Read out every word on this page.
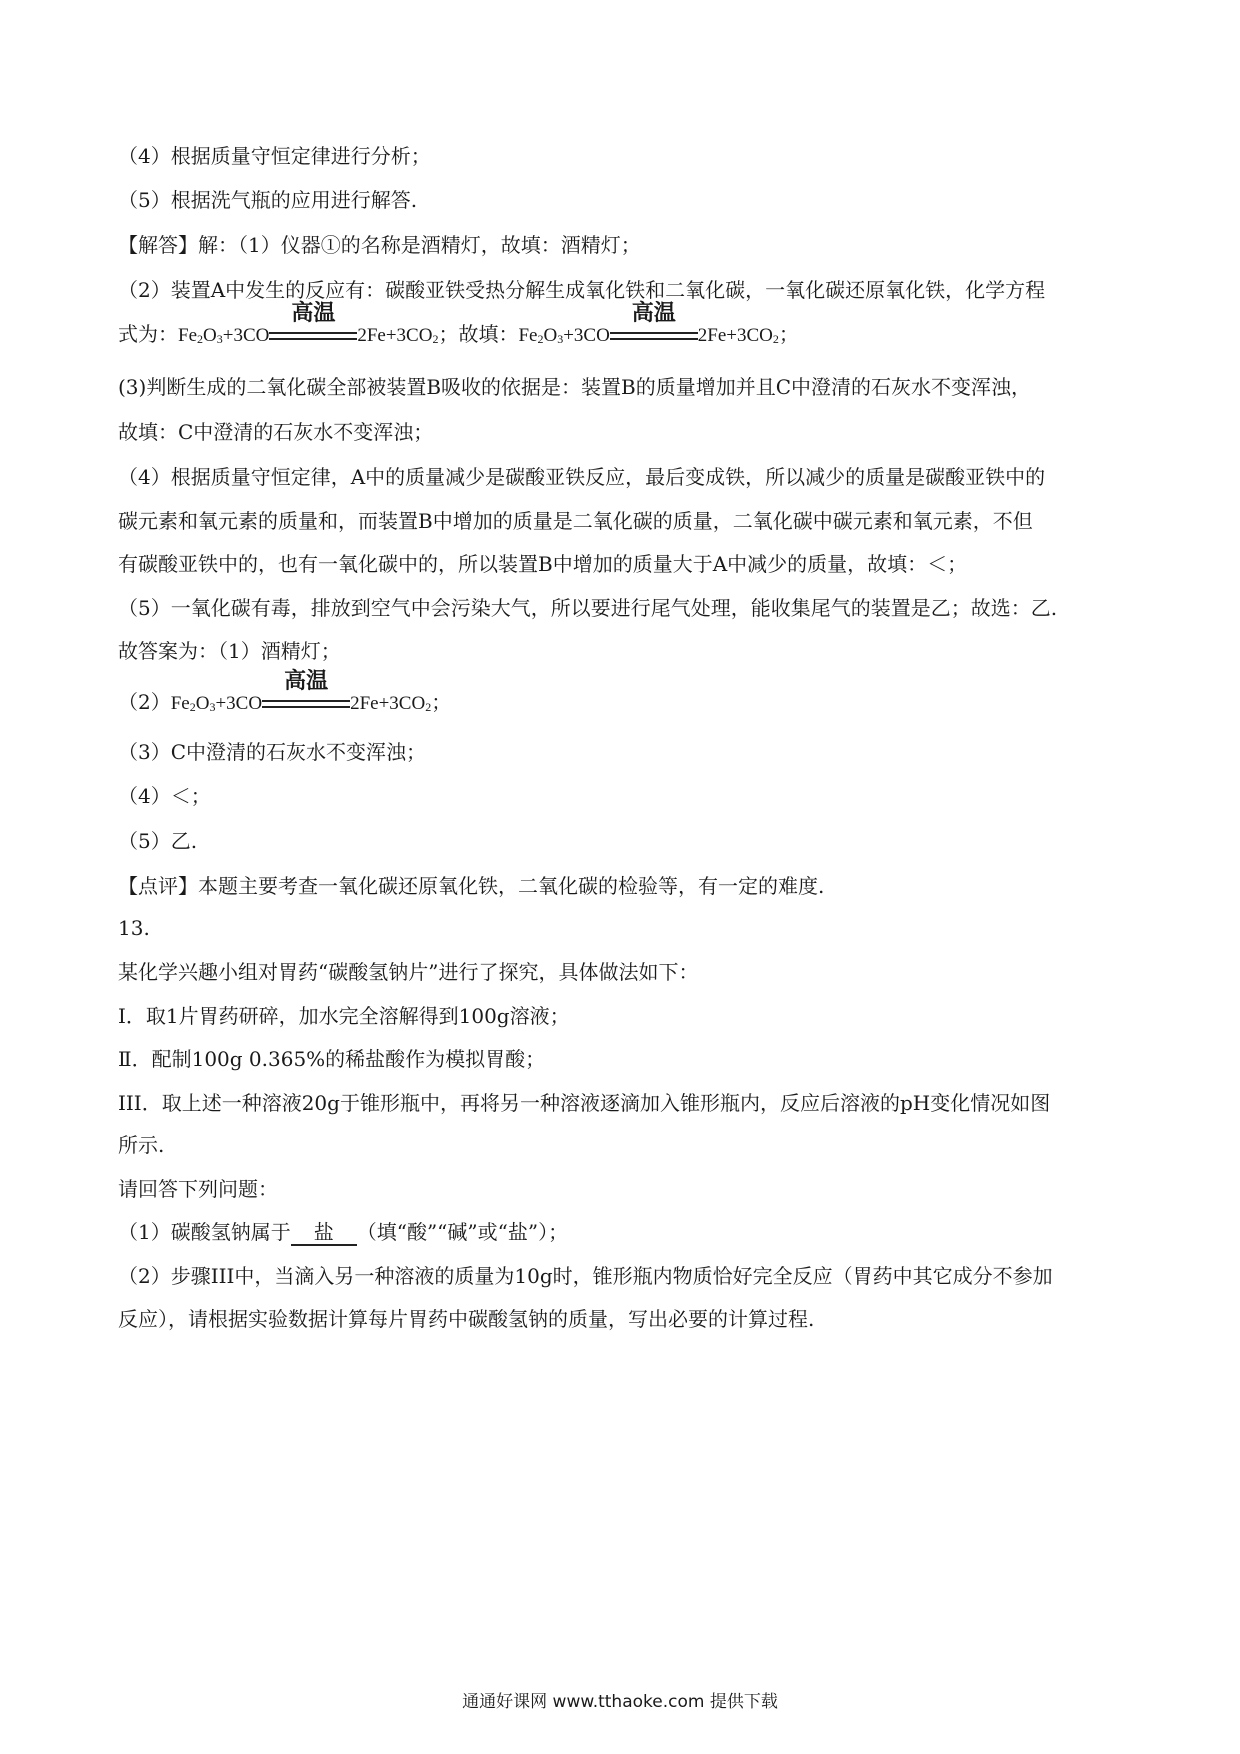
（4）根据质量守恒定律进行分析；
（5）根据洗气瓶的应用进行解答.
【解答】解：（1）仪器①的名称是酒精灯，故填：酒精灯；
（2）装置A中发生的反应有：碳酸亚铁受热分解生成氧化铁和二氧化碳，一氧化碳还原氧化铁，化学方程
式为：$Fe_2O_3+3CO$
高温
$2Fe+3CO_2$；故填：$Fe_2O_3+3CO$
高温
$2Fe+3CO_2$；
(3)判断生成的二氧化碳全部被装置B吸收的依据是：装置B的质量增加并且C中澄清的石灰水不变浑浊，
故填：C中澄清的石灰水不变浑浊；
（4）根据质量守恒定律，A中的质量减少是碳酸亚铁反应，最后变成铁，所以减少的质量是碳酸亚铁中的
碳元素和氧元素的质量和，而装置B中增加的质量是二氧化碳的质量，二氧化碳中碳元素和氧元素，不但
有碳酸亚铁中的，也有一氧化碳中的，所以装置B中增加的质量大于A中减少的质量，故填：＜；
（5）一氧化碳有毒，排放到空气中会污染大气，所以要进行尾气处理，能收集尾气的装置是乙；故选：乙.
故答案为：（1）酒精灯；
$(2)Fe_2O_3+3CO$
高温
$2Fe+3CO_2$；
（3）C中澄清的石灰水不变浑浊；
（4）＜；
（5）乙.
【点评】本题主要考查一氧化碳还原氧化铁，二氧化碳的检验等，有一定的难度.
13.
某化学兴趣小组对胃药“碳酸氢钠片”进行了探究，具体做法如下：
Ⅰ．取1片胃药研碎，加水完全溶解得到100g溶液；
Ⅱ．配制100g 0.365%的稀盐酸作为模拟胃酸；
III．取上述一种溶液20g于锥形瓶中，再将另一种溶液逐滴加入锥形瓶内，反应后溶液的pH变化情况如图
所示.
请回答下列问题：
（1）碳酸氢钠属于 盐 （填“酸”“碱”或“盐”）；
（2）步骤III中，当滴入另一种溶液的质量为10g时，锥形瓶内物质恰好完全反应（胃药中其它成分不参加
反应），请根据实验数据计算每片胃药中碳酸氢钠的质量，写出必要的计算过程.
通通好课网 www.tthaoke.com 提供下载
